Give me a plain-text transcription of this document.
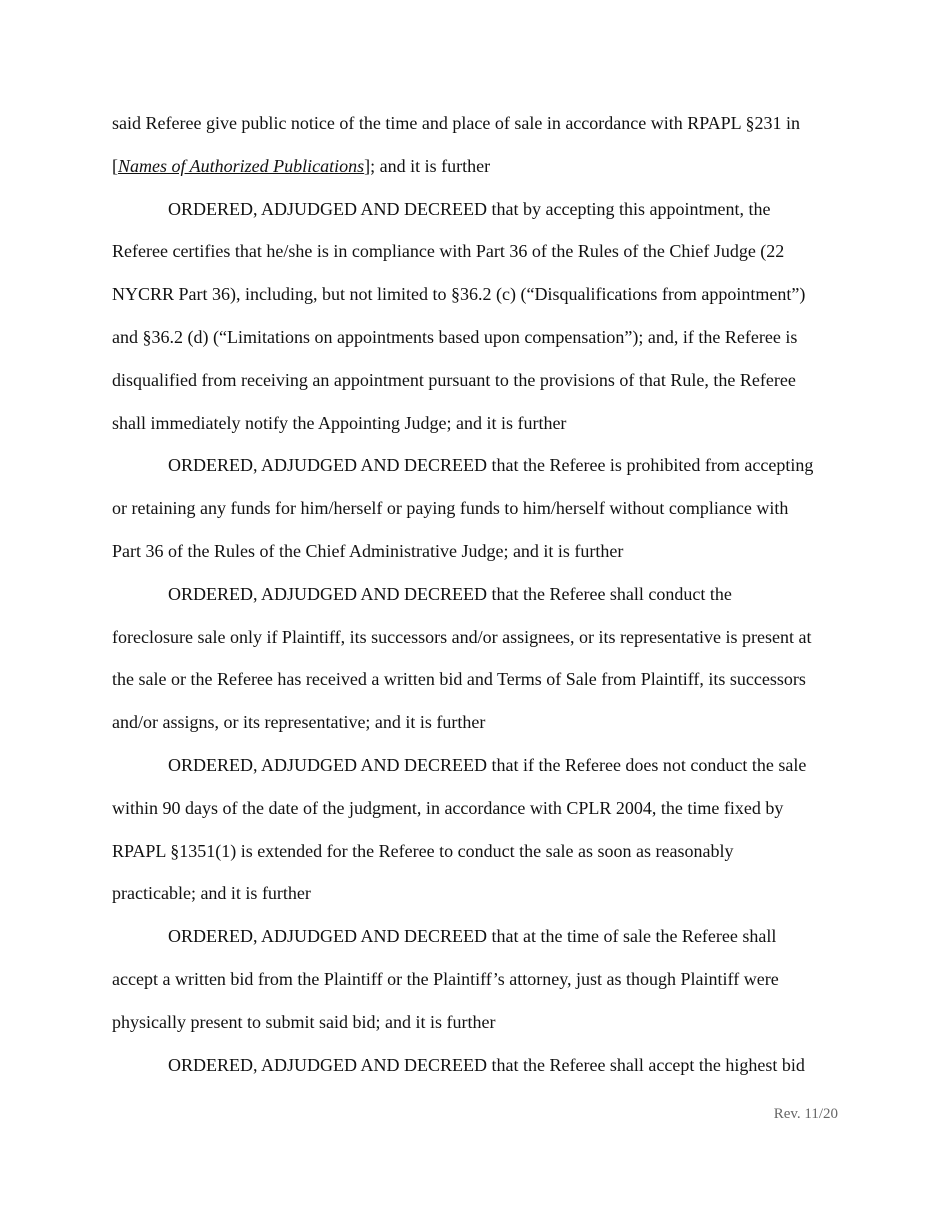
said Referee give public notice of the time and place of sale in accordance with RPAPL §231 in
[Names of Authorized Publications]; and it is further

ORDERED, ADJUDGED AND DECREED that by accepting this appointment, the
Referee certifies that he/she is in compliance with Part 36 of the Rules of the Chief Judge (22
NYCRR Part 36), including, but not limited to §36.2 (c) (“Disqualifications from appointment”)
and §36.2 (d) (“Limitations on appointments based upon compensation”); and, if the Referee is
disqualified from receiving an appointment pursuant to the provisions of that Rule, the Referee
shall immediately notify the Appointing Judge; and it is further

ORDERED, ADJUDGED AND DECREED that the Referee is prohibited from accepting
or retaining any funds for him/herself or paying funds to him/herself without compliance with
Part 36 of the Rules of the Chief Administrative Judge; and it is further

ORDERED, ADJUDGED AND DECREED that the Referee shall conduct the
foreclosure sale only if Plaintiff, its successors and/or assignees, or its representative is present at
the sale or the Referee has received a written bid and Terms of Sale from Plaintiff, its successors
and/or assigns, or its representative; and it is further

ORDERED, ADJUDGED AND DECREED that if the Referee does not conduct the sale
within 90 days of the date of the judgment, in accordance with CPLR 2004, the time fixed by
RPAPL §1351(1) is extended for the Referee to conduct the sale as soon as reasonably
practicable; and it is further

ORDERED, ADJUDGED AND DECREED that at the time of sale the Referee shall
accept a written bid from the Plaintiff or the Plaintiff’s attorney, just as though Plaintiff were
physically present to submit said bid; and it is further

ORDERED, ADJUDGED AND DECREED that the Referee shall accept the highest bid

Rev. 11/20
